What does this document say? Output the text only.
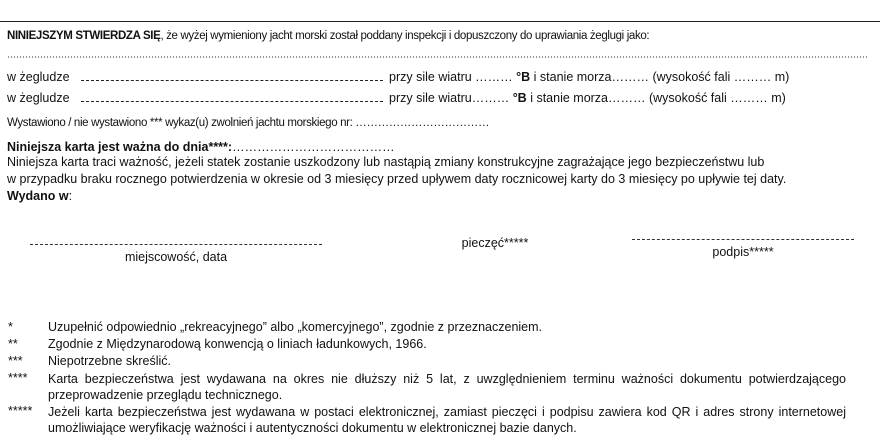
NINIEJSZYM STWIERDZA SIĘ, że wyżej wymieniony jacht morski został poddany inspekcji i dopuszczony do uprawiania żeglugi jako:
w żegludze	przy sile wiatru ……… °B i stanie morza……… (wysokość fali ……… m)
w żegludze	przy sile wiatru……… °B i stanie morza……… (wysokość fali ……… m)
Wystawiono / nie wystawiono *** wykaz(u) zwolnień jachtu morskiego nr: ………………………………
Niniejsza karta jest ważna do dnia****:…………………………………
Niniejsza karta traci ważność, jeżeli statek zostanie uszkodzony lub nastąpią zmiany konstrukcyjne zagrażające jego bezpieczeństwu lub
w przypadku braku rocznego potwierdzenia w okresie od 3 miesięcy przed upływem daty rocznicowej karty do 3 miesięcy po upływie tej daty.
Wydano w:
miejscowość, data
pieczęć*****
podpis*****
*	Uzupełnić odpowiednio „rekreacyjnego” albo „komercyjnego”, zgodnie z przeznaczeniem.
**	Zgodnie z Międzynarodową konwencją o liniach ładunkowych, 1966.
***	Niepotrzebne skreślić.
****	Karta bezpieczeństwa jest wydawana na okres nie dłuższy niż 5 lat, z uwzględnieniem terminu ważności dokumentu potwierdzającego przeprowadzenie przeglądu technicznego.
*****	Jeżeli karta bezpieczeństwa jest wydawana w postaci elektronicznej, zamiast pieczęci i podpisu zawiera kod QR i adres strony internetowej umożliwiające weryfikację ważności i autentyczności dokumentu w elektronicznej bazie danych.
